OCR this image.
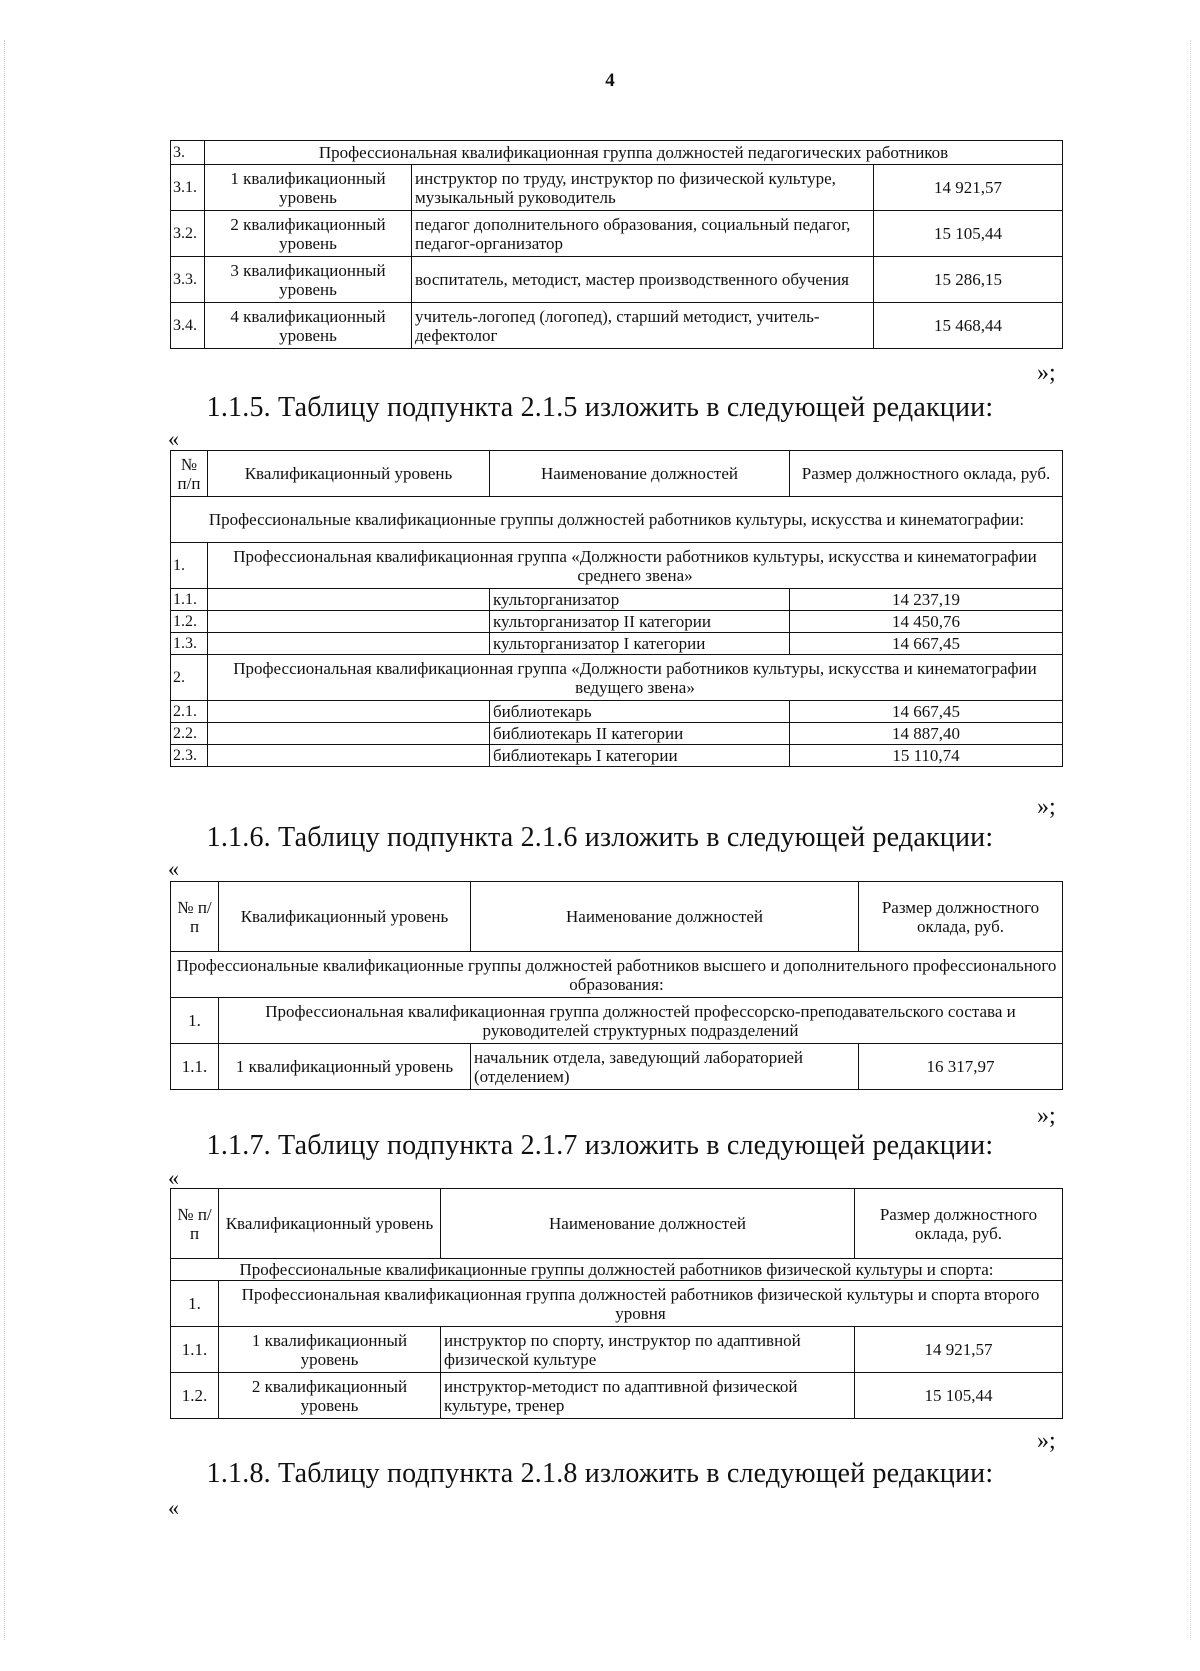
4
3.	Профессиональная квалификационная группа должностей педагогических работников		
3.1.	1 квалификационный уровень	инструктор по труду, инструктор по физической культуре, музыкальный руководитель	14 921,57
3.2.	2 квалификационный уровень	педагог дополнительного образования, социальный педагог, педагог-организатор	15 105,44
3.3.	3 квалификационный уровень	воспитатель, методист, мастер производственного обучения	15 286,15
3.4.	4 квалификационный уровень	учитель-логопед (логопед), старший методист, учитель-дефектолог	15 468,44
»;
1.1.5. Таблицу подпункта 2.1.5 изложить в следующей редакции:
«
№ п/п	Квалификационный уровень	Наименование должностей	Размер должностного оклада, руб.
Профессиональные квалификационные группы должностей работников культуры, искусства и кинематографии:			
1.	Профессиональная квалификационная группа «Должности работников культуры, искусства и кинематографии среднего звена»		
1.1.		культорганизатор	14 237,19
1.2.		культорганизатор II категории	14 450,76
1.3.		культорганизатор I категории	14 667,45
2.	Профессиональная квалификационная группа «Должности работников культуры, искусства и кинематографии ведущего звена»		
2.1.		библиотекарь	14 667,45
2.2.		библиотекарь II категории	14 887,40
2.3.		библиотекарь I категории	15 110,74
»;
1.1.6. Таблицу подпункта 2.1.6 изложить в следующей редакции:
«
№ п/п	Квалификационный уровень	Наименование должностей	Размер должностного оклада, руб.
Профессиональные квалификационные группы должностей работников высшего и дополнительного профессионального образования:			
1.	Профессиональная квалификационная группа должностей профессорско-преподавательского состава и руководителей структурных подразделений		
1.1.	1 квалификационный уровень	начальник отдела, заведующий лабораторией (отделением)	16 317,97
»;
1.1.7. Таблицу подпункта 2.1.7 изложить в следующей редакции:
«
№ п/п	Квалификационный уровень	Наименование должностей	Размер должностного оклада, руб.
Профессиональные квалификационные группы должностей работников физической культуры и спорта:			
1.	Профессиональная квалификационная группа должностей работников физической культуры и спорта второго уровня		
1.1.	1 квалификационный уровень	инструктор по спорту, инструктор по адаптивной физической культуре	14 921,57
1.2.	2 квалификационный уровень	инструктор-методист по адаптивной физической культуре, тренер	15 105,44
»;
1.1.8. Таблицу подпункта 2.1.8 изложить в следующей редакции:
«
